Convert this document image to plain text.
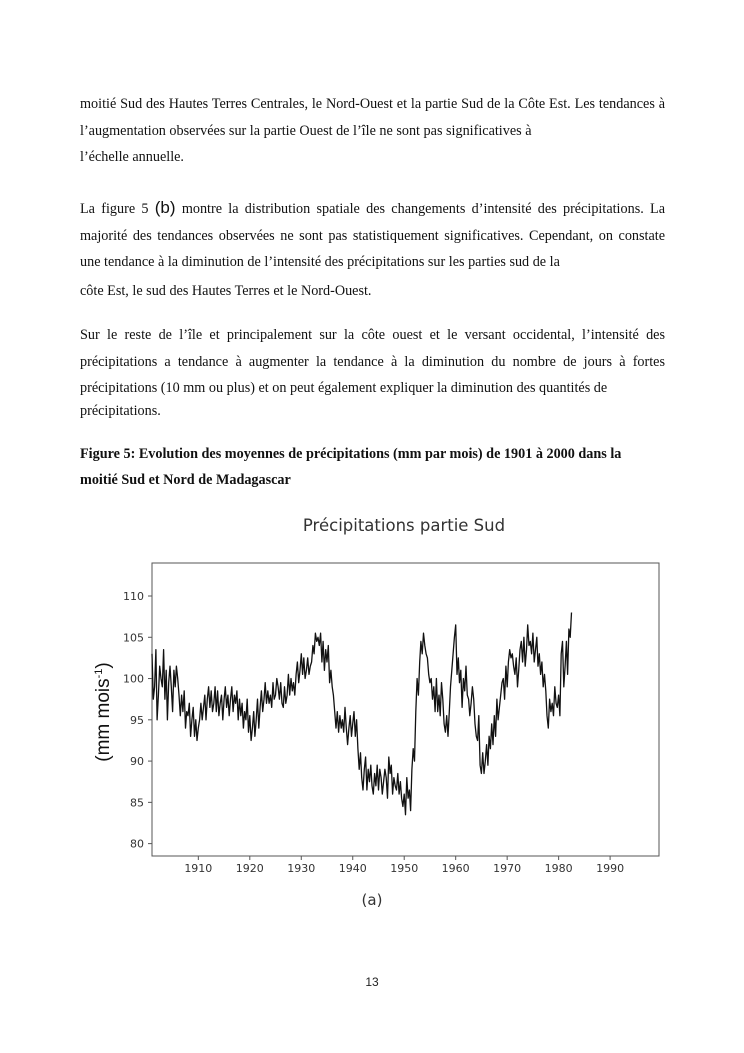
moitié Sud des Hautes Terres Centrales, le Nord-Ouest et la partie Sud de la Côte Est. Les tendances à l’augmentation observées sur la partie Ouest de l’île ne sont pas significatives à

l’échelle annuelle.

La figure 5 (b) montre la distribution spatiale des changements d’intensité des précipitations. La majorité des tendances observées ne sont pas statistiquement significatives. Cependant, on constate une tendance à la diminution de l’intensité des précipitations sur les parties sud de la

côte Est, le sud des Hautes Terres et le Nord-Ouest.

Sur le reste de l’île et principalement sur la côte ouest et le versant occidental, l’intensité des précipitations a tendance à augmenter la tendance à la diminution du nombre de jours à fortes précipitations (10 mm ou plus) et on peut également expliquer la diminution des quantités de

précipitations.

Figure 5: Evolution des moyennes de précipitations (mm par mois) de 1901 à 2000 dans la

moitié Sud et Nord de Madagascar

Précipitations partie Sud

80
85
90
95
100
105
110
1910 1920 1930 1940 1950 1960 1970 1980 1990
(mm mois$^{-1}$)

(a)

13
